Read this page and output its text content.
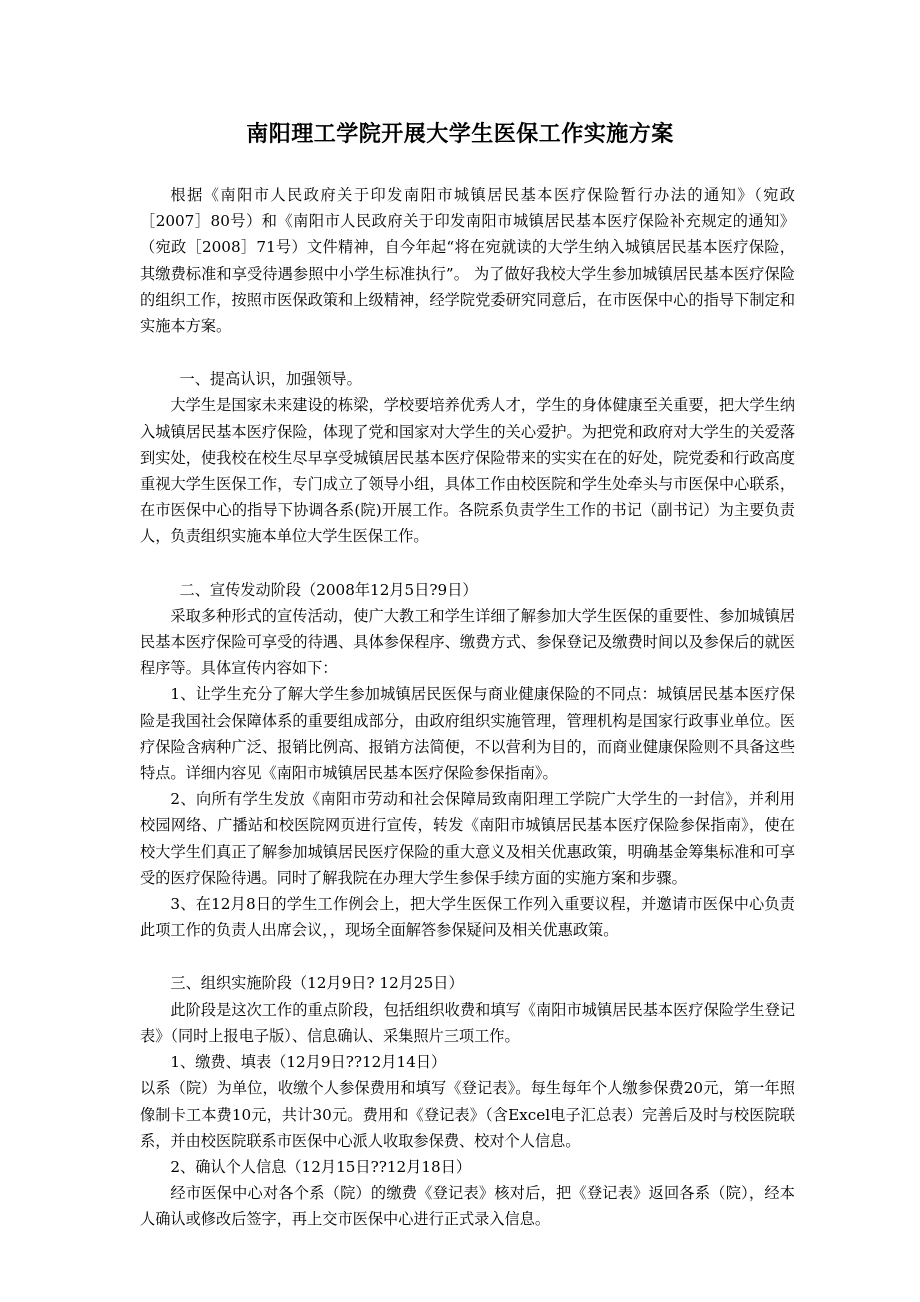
南阳理工学院开展大学生医保工作实施方案

根据《南阳市人民政府关于印发南阳市城镇居民基本医疗保险暂行办法的通知》（宛政［2007］80号）和《南阳市人民政府关于印发南阳市城镇居民基本医疗保险补充规定的通知》（宛政［2008］71号）文件精神，自今年起“将在宛就读的大学生纳入城镇居民基本医疗保险，其缴费标准和享受待遇参照中小学生标准执行”。 为了做好我校大学生参加城镇居民基本医疗保险的组织工作，按照市医保政策和上级精神，经学院党委研究同意后，在市医保中心的指导下制定和实施本方案。

一、提高认识，加强领导。

大学生是国家未来建设的栋梁，学校要培养优秀人才，学生的身体健康至关重要，把大学生纳入城镇居民基本医疗保险，体现了党和国家对大学生的关心爱护。为把党和政府对大学生的关爱落到实处，使我校在校生尽早享受城镇居民基本医疗保险带来的实实在在的好处，院党委和行政高度重视大学生医保工作，专门成立了领导小组，具体工作由校医院和学生处牵头与市医保中心联系，在市医保中心的指导下协调各系(院)开展工作。各院系负责学生工作的书记（副书记）为主要负责人，负责组织实施本单位大学生医保工作。

二、宣传发动阶段（2008年12月5日?9日）

采取多种形式的宣传活动，使广大教工和学生详细了解参加大学生医保的重要性、参加城镇居民基本医疗保险可享受的待遇、具体参保程序、缴费方式、参保登记及缴费时间以及参保后的就医程序等。具体宣传内容如下：

1、让学生充分了解大学生参加城镇居民医保与商业健康保险的不同点：城镇居民基本医疗保险是我国社会保障体系的重要组成部分，由政府组织实施管理，管理机构是国家行政事业单位。医疗保险含病种广泛、报销比例高、报销方法简便，不以营利为目的，而商业健康保险则不具备这些特点。详细内容见《南阳市城镇居民基本医疗保险参保指南》。

2、向所有学生发放《南阳市劳动和社会保障局致南阳理工学院广大学生的一封信》，并利用校园网络、广播站和校医院网页进行宣传，转发《南阳市城镇居民基本医疗保险参保指南》，使在校大学生们真正了解参加城镇居民医疗保险的重大意义及相关优惠政策，明确基金筹集标准和可享受的医疗保险待遇。同时了解我院在办理大学生参保手续方面的实施方案和步骤。

3、在12月8日的学生工作例会上，把大学生医保工作列入重要议程，并邀请市医保中心负责此项工作的负责人出席会议，，现场全面解答参保疑问及相关优惠政策。

三、组织实施阶段（12月9日? 12月25日）

此阶段是这次工作的重点阶段，包括组织收费和填写《南阳市城镇居民基本医疗保险学生登记表》（同时上报电子版）、信息确认、采集照片三项工作。

1、缴费、填表（12月9日??12月14日）

以系（院）为单位，收缴个人参保费用和填写《登记表》。每生每年个人缴参保费20元，第一年照像制卡工本费10元，共计30元。费用和《登记表》（含Excel电子汇总表）完善后及时与校医院联系，并由校医院联系市医保中心派人收取参保费、校对个人信息。

2、确认个人信息（12月15日??12月18日）

经市医保中心对各个系（院）的缴费《登记表》核对后，把《登记表》返回各系（院），经本人确认或修改后签字，再上交市医保中心进行正式录入信息。
